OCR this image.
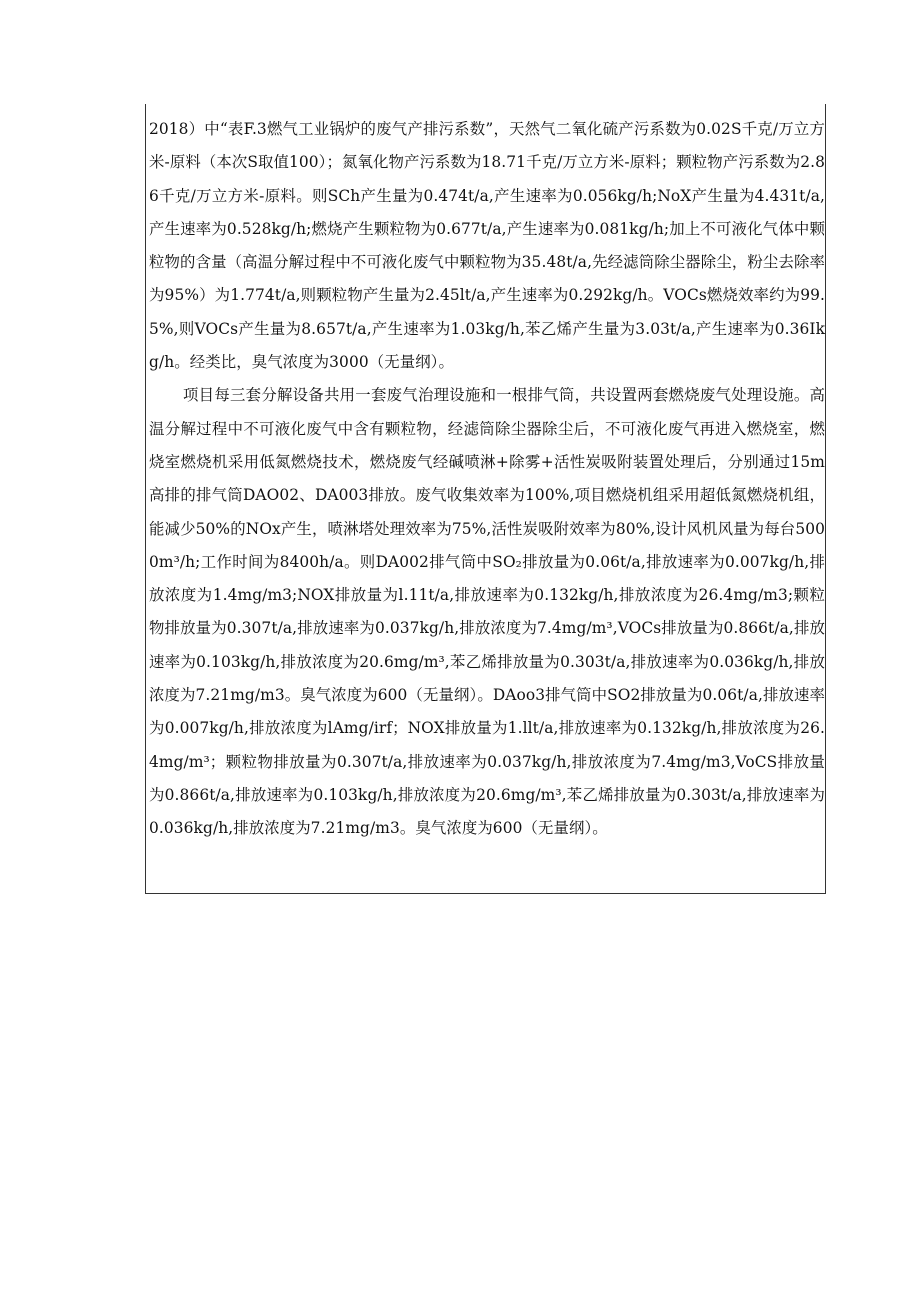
2018）中“表F.3燃气工业锅炉的废气产排污系数”，天然气二氧化硫产污系数为0.02S千克/万立方米-原料（本次S取值100）；氮氧化物产污系数为18.71千克/万立方米-原料；颗粒物产污系数为2.86千克/万立方米-原料。则SCh产生量为0.474t/a,产生速率为0.056kg/h;NoX产生量为4.431t/a,产生速率为0.528kg/h;燃烧产生颗粒物为0.677t/a,产生速率为0.081kg/h;加上不可液化气体中颗粒物的含量（高温分解过程中不可液化废气中颗粒物为35.48t/a,先经滤筒除尘器除尘，粉尘去除率为95%）为1.774t/a,则颗粒物产生量为2.45lt/a,产生速率为0.292kg/h。VOCs燃烧效率约为99.5%,则VOCs产生量为8.657t/a,产生速率为1.03kg/h,苯乙烯产生量为3.03t/a,产生速率为0.36Ikg/h。经类比，臭气浓度为3000（无量纲）。

项目每三套分解设备共用一套废气治理设施和一根排气筒，共设置两套燃烧废气处理设施。高温分解过程中不可液化废气中含有颗粒物，经滤筒除尘器除尘后，不可液化废气再进入燃烧室，燃烧室燃烧机采用低氮燃烧技术，燃烧废气经碱喷淋+除雾+活性炭吸附装置处理后，分别通过15m高排的排气筒DAO02、DA003排放。废气收集效率为100%,项目燃烧机组采用超低氮燃烧机组，能减少50%的NOx产生，喷淋塔处理效率为75%,活性炭吸附效率为80%,设计风机风量为每台5000m³/h;工作时间为8400h/a。则DA002排气筒中SO₂排放量为0.06t/a,排放速率为0.007kg/h,排放浓度为1.4mg/m3;NOX排放量为l.11t/a,排放速率为0.132kg/h,排放浓度为26.4mg/m3;颗粒物排放量为0.307t/a,排放速率为0.037kg/h,排放浓度为7.4mg/m³,VOCs排放量为0.866t/a,排放速率为0.103kg/h,排放浓度为20.6mg/m³,苯乙烯排放量为0.303t/a,排放速率为0.036kg/h,排放浓度为7.21mg/m3。臭气浓度为600（无量纲）。DAoo3排气筒中SO2排放量为0.06t/a,排放速率为0.007kg/h,排放浓度为lAmg/irf；NOX排放量为1.llt/a,排放速率为0.132kg/h,排放浓度为26.4mg/m³；颗粒物排放量为0.307t/a,排放速率为0.037kg/h,排放浓度为7.4mg/m3,VoCS排放量为0.866t/a,排放速率为0.103kg/h,排放浓度为20.6mg/m³,苯乙烯排放量为0.303t/a,排放速率为0.036kg/h,排放浓度为7.21mg/m3。臭气浓度为600（无量纲）。
